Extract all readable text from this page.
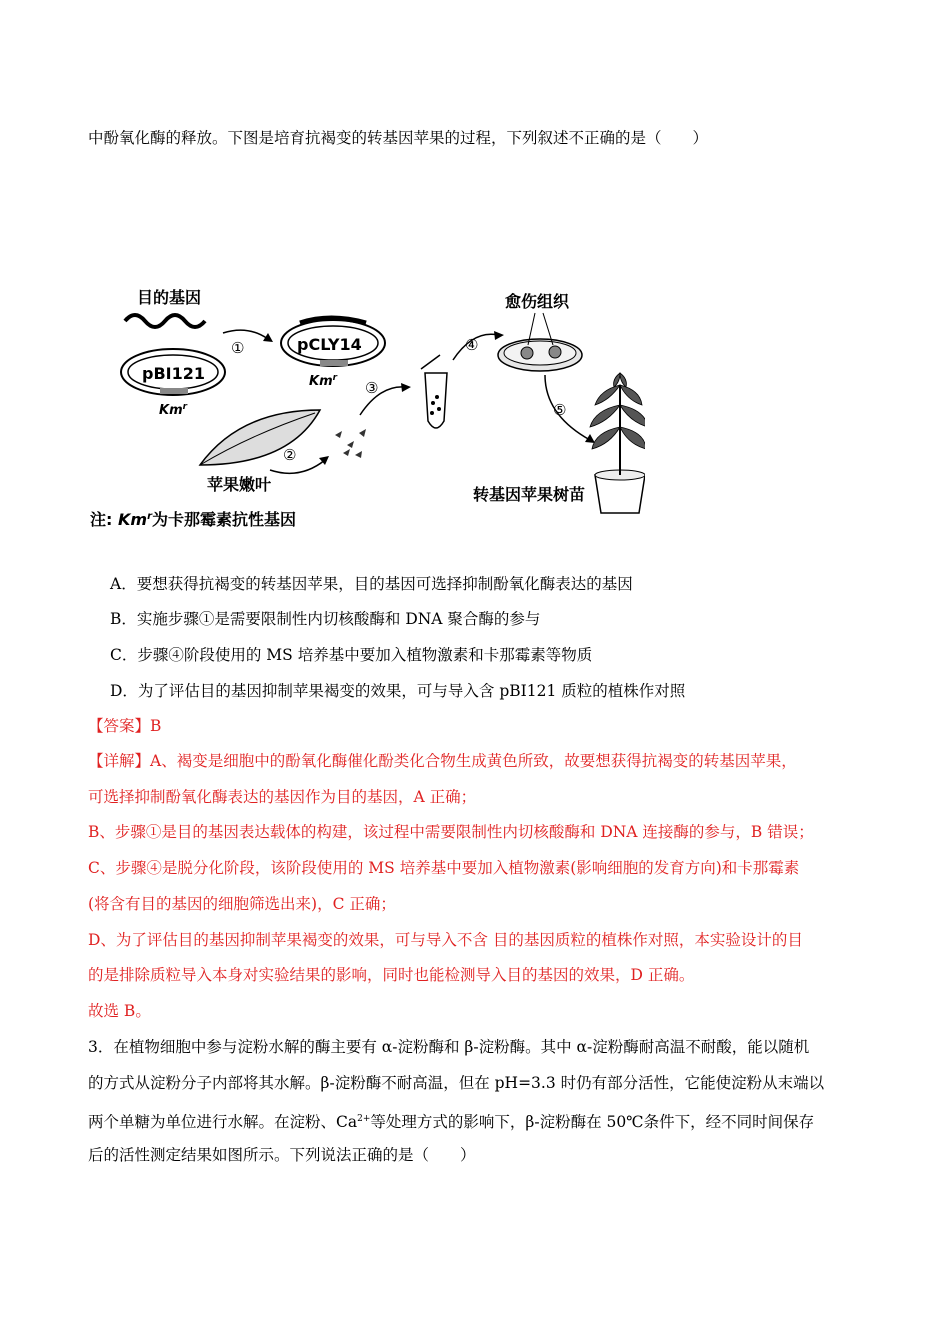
中酚氧化酶的释放。下图是培育抗褐变的转基因苹果的过程，下列叙述不正确的是（　　）
目的基因
pBI121
Km$^r$
①	pCLY14
Km$^r$
③
苹果嫩叶
②
④
愈伤组织
⑤
转基因苹果树苗
注: Km$^r$为卡那霉素抗性基因
A．要想获得抗褐变的转基因苹果，目的基因可选择抑制酚氧化酶表达的基因
B．实施步骤①是需要限制性内切核酸酶和 DNA 聚合酶的参与
C．步骤④阶段使用的 MS 培养基中要加入植物激素和卡那霉素等物质
D．为了评估目的基因抑制苹果褐变的效果，可与导入含 pBI121 质粒的植株作对照
【答案】B
【详解】A、褐变是细胞中的酚氧化酶催化酚类化合物生成黄色所致，故要想获得抗褐变的转基因苹果，
可选择抑制酚氧化酶表达的基因作为目的基因，A 正确；
B、步骤①是目的基因表达载体的构建，该过程中需要限制性内切核酸酶和 DNA 连接酶的参与，B 错误；
C、步骤④是脱分化阶段，该阶段使用的 MS 培养基中要加入植物激素(影响细胞的发育方向)和卡那霉素
(将含有目的基因的细胞筛选出来)，C 正确；
D、为了评估目的基因抑制苹果褐变的效果，可与导入不含 目的基因质粒的植株作对照，本实验设计的目
的是排除质粒导入本身对实验结果的影响，同时也能检测导入目的基因的效果，D 正确。
故选 B。
3．在植物细胞中参与淀粉水解的酶主要有 α-淀粉酶和 β-淀粉酶。其中 α-淀粉酶耐高温不耐酸，能以随机
的方式从淀粉分子内部将其水解。β-淀粉酶不耐高温，但在 pH=3.3 时仍有部分活性，它能使淀粉从末端以
两个单糖为单位进行水解。在淀粉、$Ca^{2+}$等处理方式的影响下，β-淀粉酶在 50℃条件下，经不同时间保存
后的活性测定结果如图所示。下列说法正确的是（　　）
